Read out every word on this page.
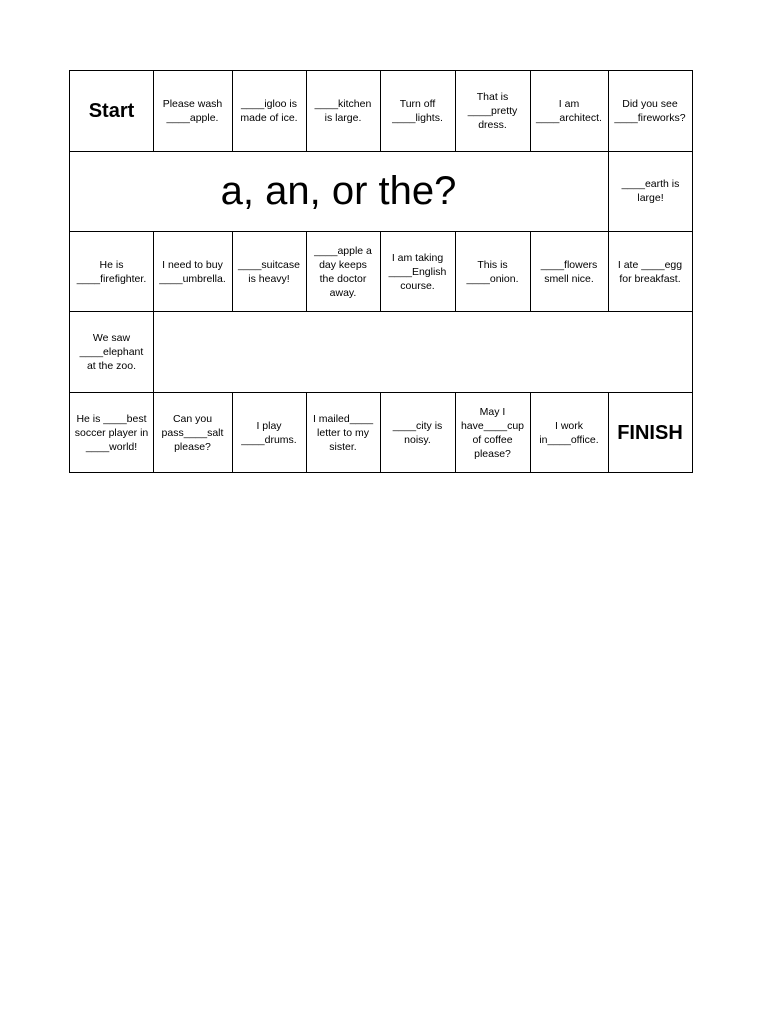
Start	Please wash
____apple.
____igloo is
made of ice.
____kitchen
is large.
Turn off
____lights.
That is
____pretty
dress.
I am
____architect.
Did you see
____fireworks?
a, an, or the?	____earth is
large!
He is
____firefighter.
I need to buy
____umbrella.
____suitcase
is heavy!
____apple a
day keeps
the doctor
away.
I am taking
____English
course.
This is
____onion.
____flowers
smell nice.
I ate ____egg
for breakfast.
We saw
____elephant
at the zoo.
He is ____best
soccer player in
____world!
Can you
pass____salt
please?
I play
____drums.
I mailed____
letter to my
sister.
____city is
noisy.
May I
have____cup
of coffee
please?
I work
in____office. FINISH
